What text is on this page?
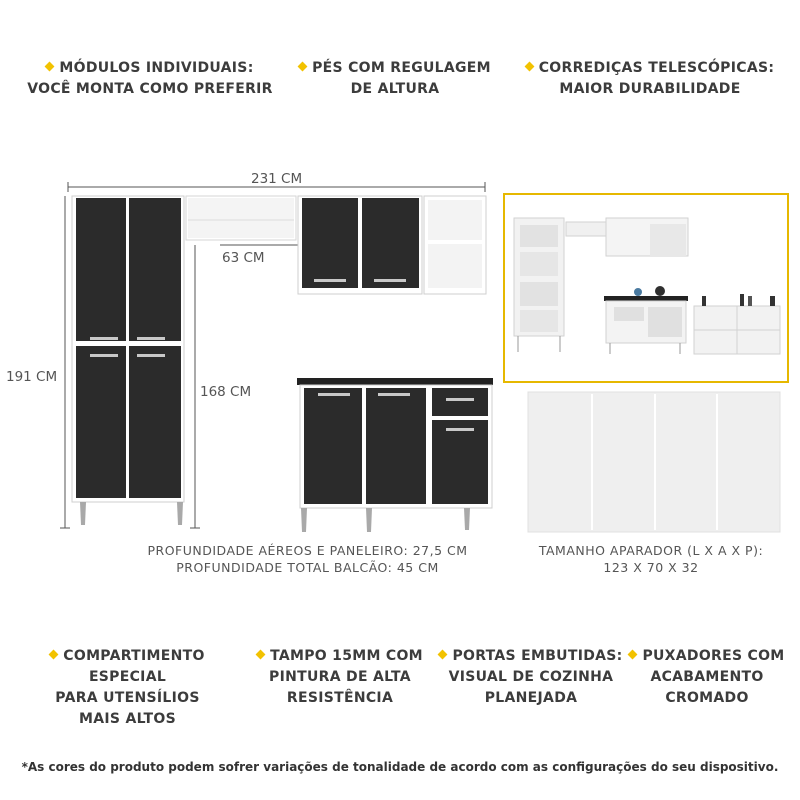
MÓDULOS INDIVIDUAIS:
VOCÊ MONTA COMO PREFERIR
PÉS COM REGULAGEM
DE ALTURA
CORREDIÇAS TELESCÓPICAS:
MAIOR DURABILIDADE
231 CM
63 CM
191 CM
168 CM
PROFUNDIDADE AÉREOS E PANELEIRO: 27,5 CM
PROFUNDIDADE TOTAL BALCÃO: 45 CM
TAMANHO APARADOR (L X A X P):
123 X 70 X 32
COMPARTIMENTO ESPECIAL
PARA UTENSÍLIOS
MAIS ALTOS
TAMPO 15MM COM
PINTURA DE ALTA
RESISTÊNCIA
PORTAS EMBUTIDAS:
VISUAL DE COZINHA
PLANEJADA
PUXADORES COM
ACABAMENTO
CROMADO
*As cores do produto podem sofrer variações de tonalidade de acordo com as configurações do seu dispositivo.
